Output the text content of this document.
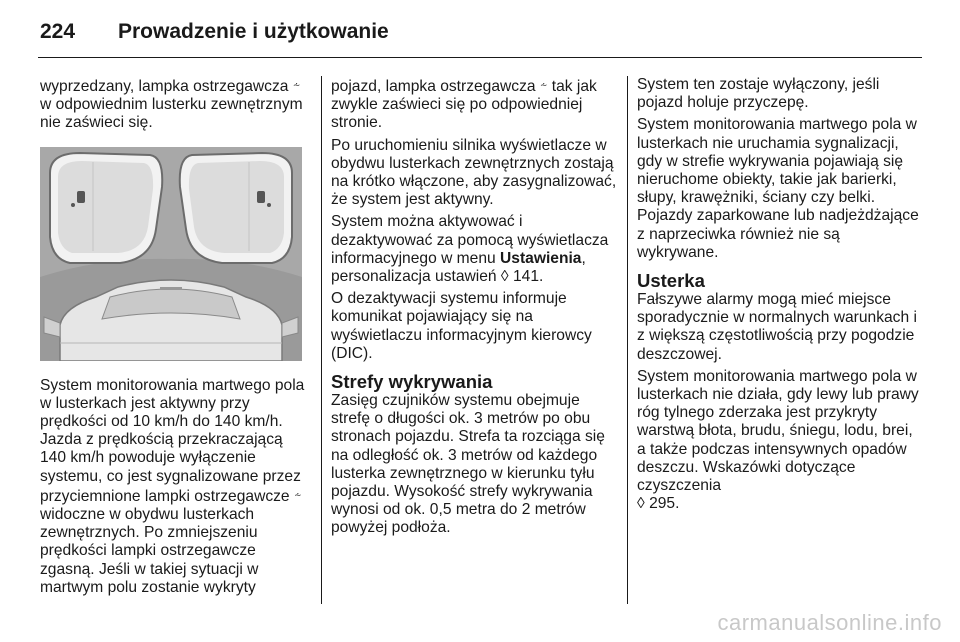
224	Prowadzenie i użytkowanie

wyprzedzany, lampka ostrzegawcza ⩪ w odpowiednim lusterku zewnętrznym nie zaświeci się.

System monitorowania martwego pola w lusterkach jest aktywny przy prędkości od 10 km/h do 140 km/h. Jazda z prędkością przekraczającą 140 km/h powoduje wyłączenie systemu, co jest sygnalizowane przez przyciemnione lampki ostrzegawcze ⩪ widoczne w obydwu lusterkach zewnętrznych. Po zmniejszeniu prędkości lampki ostrzegawcze zgasną. Jeśli w takiej sytuacji w martwym polu zostanie wykryty

pojazd, lampka ostrzegawcza ⩪ tak jak zwykle zaświeci się po odpowiedniej stronie.

Po uruchomieniu silnika wyświetlacze w obydwu lusterkach zewnętrznych zostają na krótko włączone, aby zasygnalizować, że system jest aktywny.

System można aktywować i dezaktywować za pomocą wyświetlacza informacyjnego w menu Ustawienia, personalizacja ustawień ◊ 141.

O dezaktywacji systemu informuje komunikat pojawiający się na wyświetlaczu informacyjnym kierowcy (DIC).

Strefy wykrywania

Zasięg czujników systemu obejmuje strefę o długości ok. 3 metrów po obu stronach pojazdu. Strefa ta rozciąga się na odległość ok. 3 metrów od każdego lusterka zewnętrznego w kierunku tyłu pojazdu. Wysokość strefy wykrywania wynosi od ok. 0,5 metra do 2 metrów powyżej podłoża.

System ten zostaje wyłączony, jeśli pojazd holuje przyczepę.

System monitorowania martwego pola w lusterkach nie uruchamia sygnalizacji, gdy w strefie wykrywania pojawiają się nieruchome obiekty, takie jak barierki, słupy, krawężniki, ściany czy belki. Pojazdy zaparkowane lub nadjeżdżające z naprzeciwka również nie są wykrywane.

Usterka

Fałszywe alarmy mogą mieć miejsce sporadycznie w normalnych warunkach i z większą częstotliwością przy pogodzie deszczowej.

System monitorowania martwego pola w lusterkach nie działa, gdy lewy lub prawy róg tylnego zderzaka jest przykryty warstwą błota, brudu, śniegu, lodu, brei, a także podczas intensywnych opadów deszczu. Wskazówki dotyczące czyszczenia
◊ 295.

carmanualsonline.info
